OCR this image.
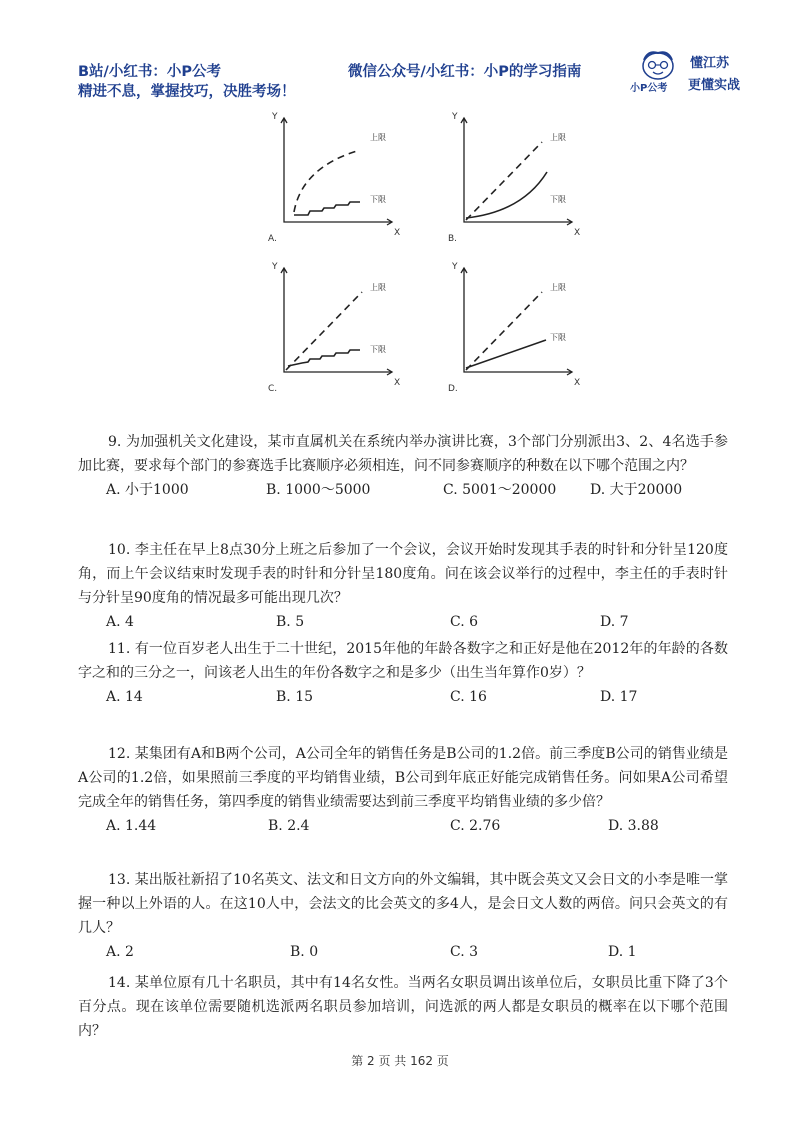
B站/小红书：小P公考
精进不息，掌握技巧，决胜考场！
微信公众号/小红书：小P的学习指南
小P公考
懂江苏
更懂实战
Y
X
上限
下限
A.
Y
X
上限
下限
B.
Y
X
上限
下限
C.
Y
X
上限
下限
D.

9. 为加强机关文化建设，某市直属机关在系统内举办演讲比赛，3个部门分别派出3、2、4名选手参加比赛，要求每个部门的参赛选手比赛顺序必须相连，问不同参赛顺序的种数在以下哪个范围之内？

A. 小于1000	B. 1000～5000	C. 5001～20000 D. 大于20000

10. 李主任在早上8点30分上班之后参加了一个会议，会议开始时发现其手表的时针和分针呈120度角，而上午会议结束时发现手表的时针和分针呈180度角。问在该会议举行的过程中，李主任的手表时针与分针呈90度角的情况最多可能出现几次？

A. 4	B. 5	C. 6	D. 7

11. 有一位百岁老人出生于二十世纪，2015年他的年龄各数字之和正好是他在2012年的年龄的各数字之和的三分之一，问该老人出生的年份各数字之和是多少（出生当年算作0岁）？

A. 14	B. 15	C. 16	D. 17

12. 某集团有A和B两个公司，A公司全年的销售任务是B公司的1.2倍。前三季度B公司的销售业绩是A公司的1.2倍，如果照前三季度的平均销售业绩，B公司到年底正好能完成销售任务。问如果A公司希望完成全年的销售任务，第四季度的销售业绩需要达到前三季度平均销售业绩的多少倍？

A. 1.44	B. 2.4	C. 2.76	D. 3.88

13. 某出版社新招了10名英文、法文和日文方向的外文编辑，其中既会英文又会日文的小李是唯一掌握一种以上外语的人。在这10人中，会法文的比会英文的多4人，是会日文人数的两倍。问只会英文的有几人？

A. 2	B. 0	C. 3	D. 1

14. 某单位原有几十名职员，其中有14名女性。当两名女职员调出该单位后，女职员比重下降了3个百分点。现在该单位需要随机选派两名职员参加培训，问选派的两人都是女职员的概率在以下哪个范围内？

第 2 页 共 162 页
